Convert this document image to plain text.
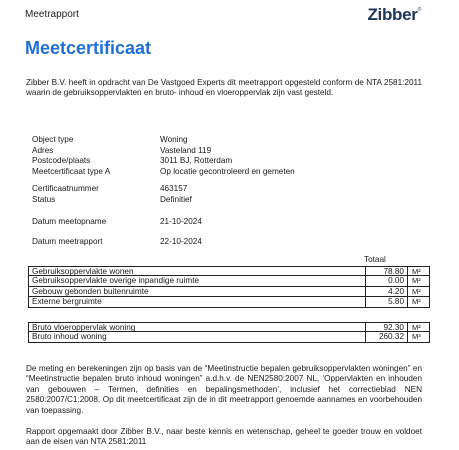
Meetrapport	Zibber®
Meetcertificaat
Zibber B.V. heeft in opdracht van De Vastgoed Experts dit meetrapport opgesteld conform de NTA 2581:2011 waarin de gebruiksoppervlakten en bruto- inhoud en vloeroppervlak zijn vast gesteld.
Object type	Woning
Adres	Vasteland 119
Postcode/plaats	3011 BJ, Rotterdam
Meetcertificaat type A	Op locatie gecontroleerd en gemeten
Certificaatnummer	463157
Status	Definitief
Datum meetopname	21-10-2024
Datum meetrapport	22-10-2024
Totaal
Gebruiksoppervlakte wonen	78.80	M²
Gebruiksoppervlakte overige inpandige ruimte	0.00	M²
Gebouw gebonden buitenruimte	4.20	M²
Externe bergruimte	5.80	M²
Bruto vloeroppervlak woning	92.30	M²
Bruto inhoud woning	260.32	M³
De meting en berekeningen zijn op basis van de “Meetinstructie bepalen gebruiksoppervlakten woningen” en “Meetinstructie bepalen bruto inhoud woningen” a.d.h.v. de NEN2580:2007 NL, ‘Oppervlakten en inhouden van gebouwen – Termen, definities en bepalingsmethoden’, inclusief het correctieblad NEN 2580:2007/C1:2008. Op dit meetcertificaat zijn de in dit meetrapport genoemde aannames en voorbehouden van toepassing.
Rapport opgemaakt door Zibber B.V., naar beste kennis en wetenschap, geheel te goeder trouw en voldoet aan de eisen van NTA 2581:2011
